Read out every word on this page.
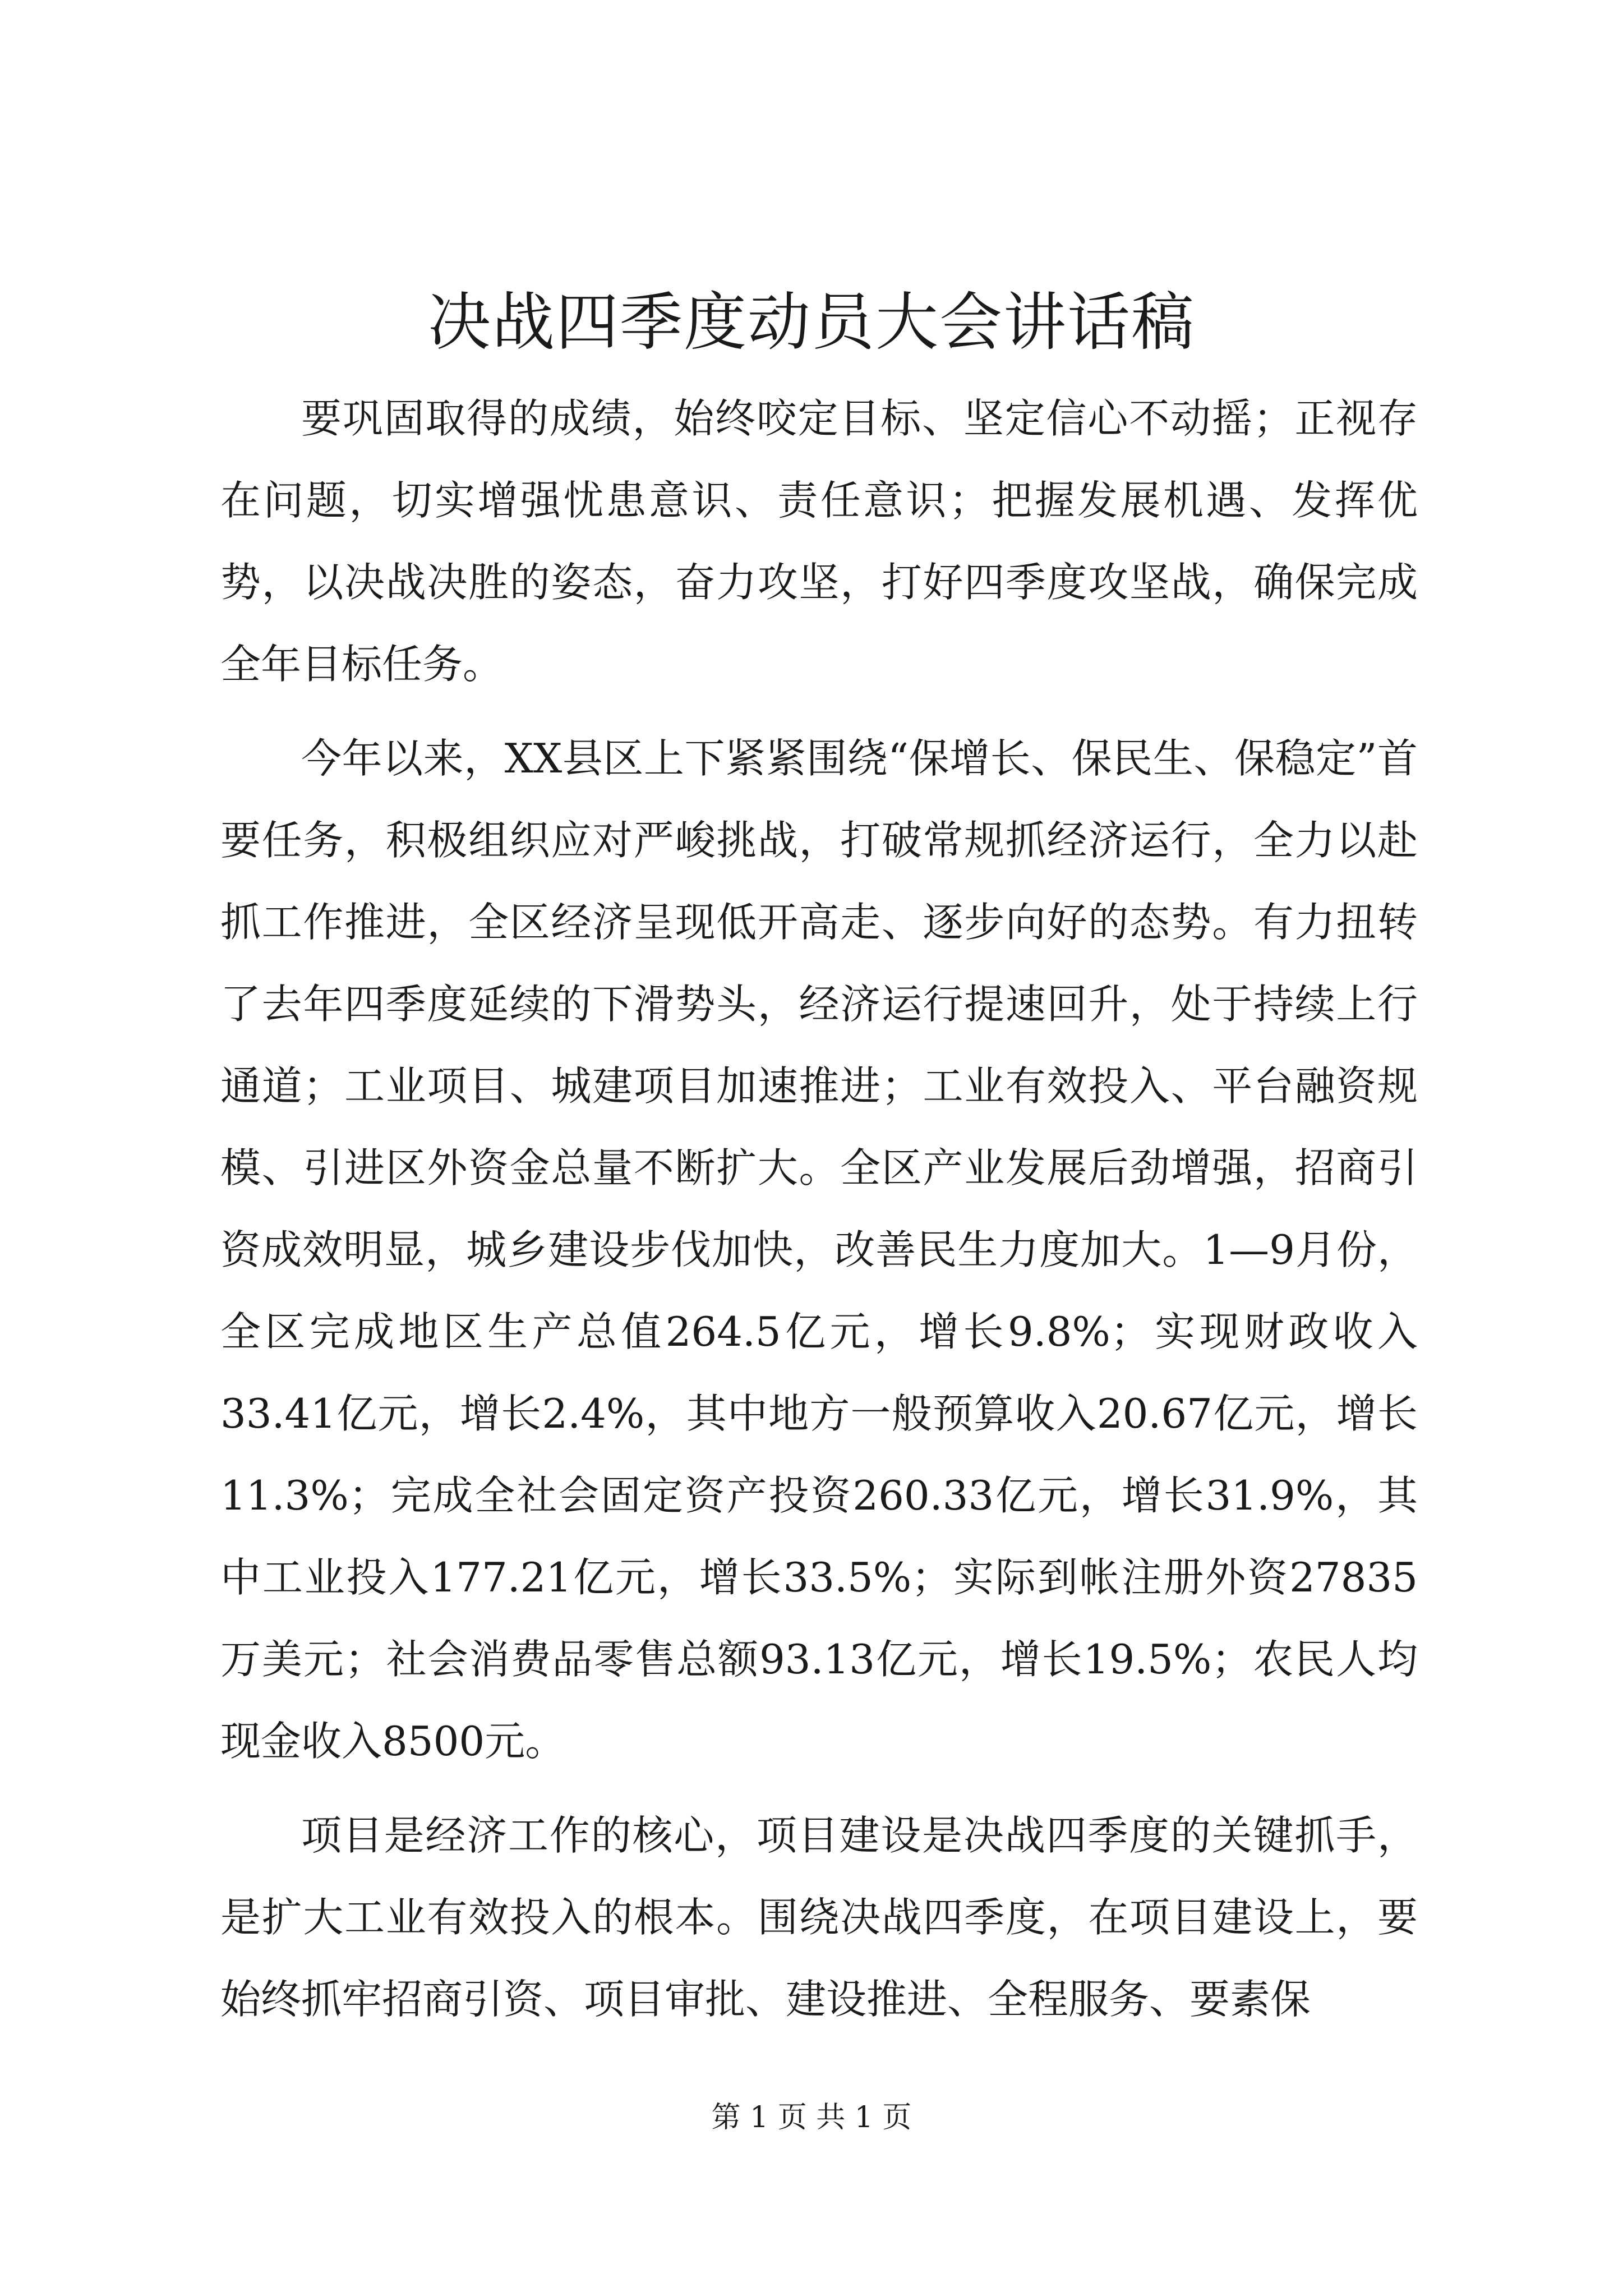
决战四季度动员大会讲话稿

要巩固取得的成绩，始终咬定目标、坚定信心不动摇；正视存在问题，切实增强忧患意识、责任意识；把握发展机遇、发挥优势，以决战决胜的姿态，奋力攻坚，打好四季度攻坚战，确保完成全年目标任务。

今年以来，XX县区上下紧紧围绕“保增长、保民生、保稳定”首要任务，积极组织应对严峻挑战，打破常规抓经济运行，全力以赴抓工作推进，全区经济呈现低开高走、逐步向好的态势。有力扭转了去年四季度延续的下滑势头，经济运行提速回升，处于持续上行通道；工业项目、城建项目加速推进；工业有效投入、平台融资规模、引进区外资金总量不断扩大。全区产业发展后劲增强，招商引资成效明显，城乡建设步伐加快，改善民生力度加大。1—9月份，全区完成地区生产总值264.5亿元，增长9.8%；实现财政收入33.41亿元，增长2.4%，其中地方一般预算收入20.67亿元，增长11.3%；完成全社会固定资产投资260.33亿元，增长31.9%，其中工业投入177.21亿元，增长33.5%；实际到帐注册外资27835万美元；社会消费品零售总额93.13亿元，增长19.5%；农民人均现金收入8500元。

项目是经济工作的核心，项目建设是决战四季度的关键抓手，是扩大工业有效投入的根本。围绕决战四季度，在项目建设上，要始终抓牢招商引资、项目审批、建设推进、全程服务、要素保

第 1 页 共 1 页
